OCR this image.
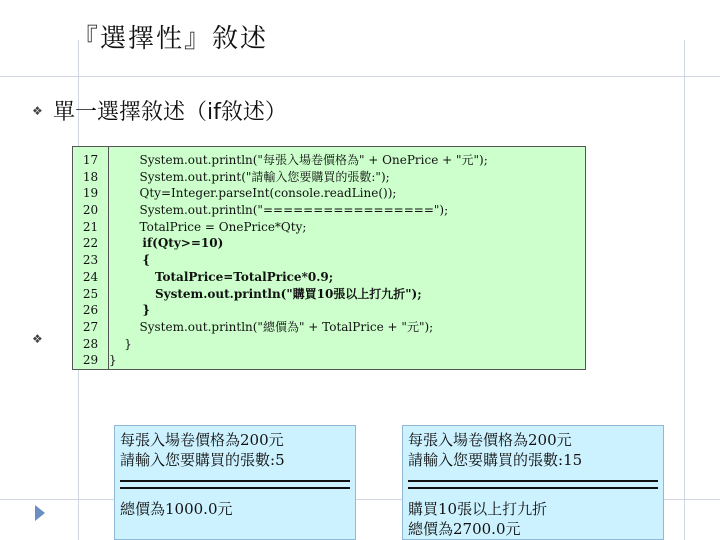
『選擇性』敘述
❖ 單一選擇敘述（if敘述）
❖
17
18
19
20
21
22
23
24
25
26
27
28
29
System.out.println("每張入場卷價格為" + OnePrice + "元");
System.out.print("請輸入您要購買的張數:");
Qty=Integer.parseInt(console.readLine());
System.out.println("=================");
TotalPrice = OnePrice*Qty;
if(Qty>=10)
{
TotalPrice=TotalPrice*0.9;
System.out.println("購買10張以上打九折");
}
System.out.println("總價為" + TotalPrice + "元");
}
}
每張入場卷價格為200元
請輸入您要購買的張數:5
總價為1000.0元
每張入場卷價格為200元
請輸入您要購買的張數:15
購買10張以上打九折
總價為2700.0元
